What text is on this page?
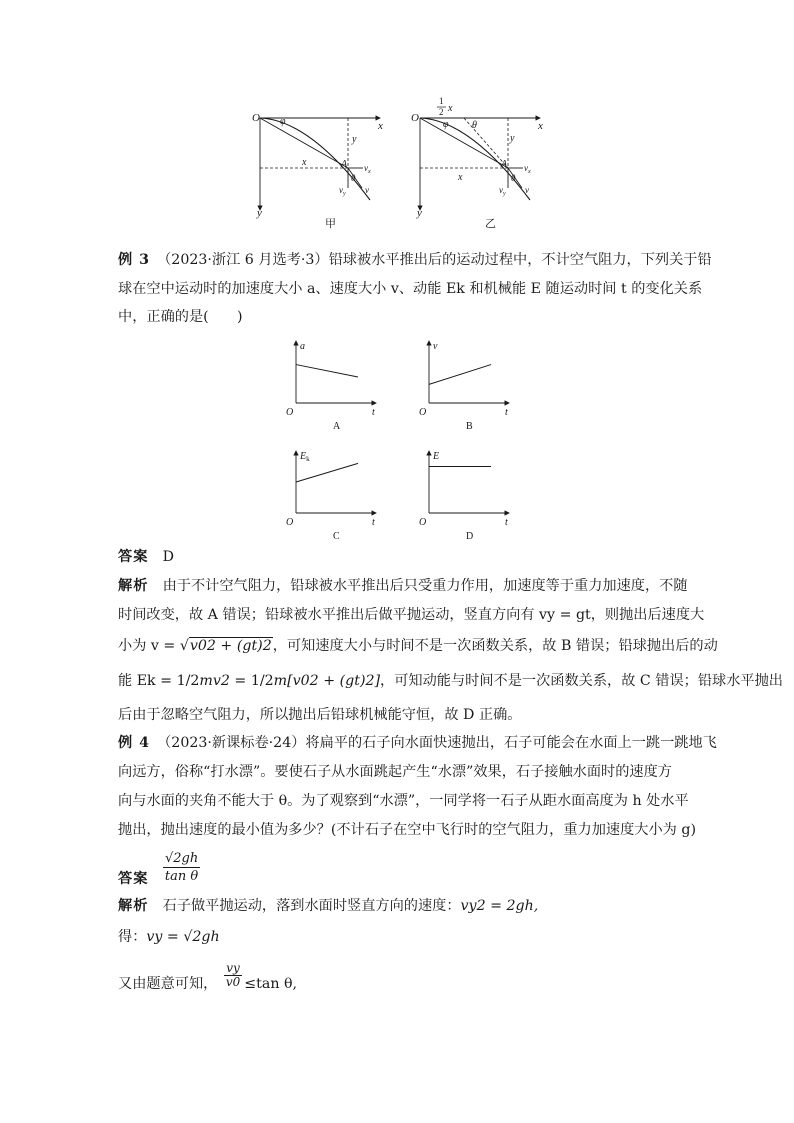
O
x
y
φ
A
x
y
θ
$v_x$
$v_y$ v
甲
1
2 x
O
x
y
φ θ
A
x
y
θ
$v_x$
$v_y$ v
乙
例 3　 （2023·浙江 6 月选考·3）铅球被水平推出后的运动过程中，不计空气阻力，下列关于铅
球在空中运动时的加速度大小 a、速度大小 v、动能 Ek 和机械能 E 随运动时间 t 的变化关系
中，正确的是(　　)
O	t
a
A
O	t
v
B
O	t
$E_k$
C
O	t
E
D
答案　 D
解析　 由于不计空气阻力，铅球被水平推出后只受重力作用，加速度等于重力加速度，不随
时间改变，故 A 错误；铅球被水平推出后做平抛运动，竖直方向有 vy = gt，则抛出后速度大
小为 v = √v02 + (gt)2，可知速度大小与时间不是一次函数关系，故 B 错误；铅球抛出后的动
能 Ek = 1/2mv2 = 1/2m[v02 + (gt)2]，可知动能与时间不是一次函数关系，故 C 错误；铅球水平抛出
后由于忽略空气阻力，所以抛出后铅球机械能守恒，故 D 正确。
例 4　 （2023·新课标卷·24）将扁平的石子向水面快速抛出，石子可能会在水面上一跳一跳地飞
向远方，俗称“打水漂”。要使石子从水面跳起产生“水漂”效果，石子接触水面时的速度方
向与水面的夹角不能大于 θ。为了观察到“水漂”，一同学将一石子从距水面高度为 h 处水平
抛出，抛出速度的最小值为多少？(不计石子在空中飞行时的空气阻力，重力加速度大小为 g)
答案 $\frac{√2gh}{\text{tan θ}}$
解析　 石子做平抛运动，落到水面时竖直方向的速度：vy2 = 2gh,
得：vy = √2gh
又由题意可知， $\frac{vy}{v0} \le\tan$ θ,
